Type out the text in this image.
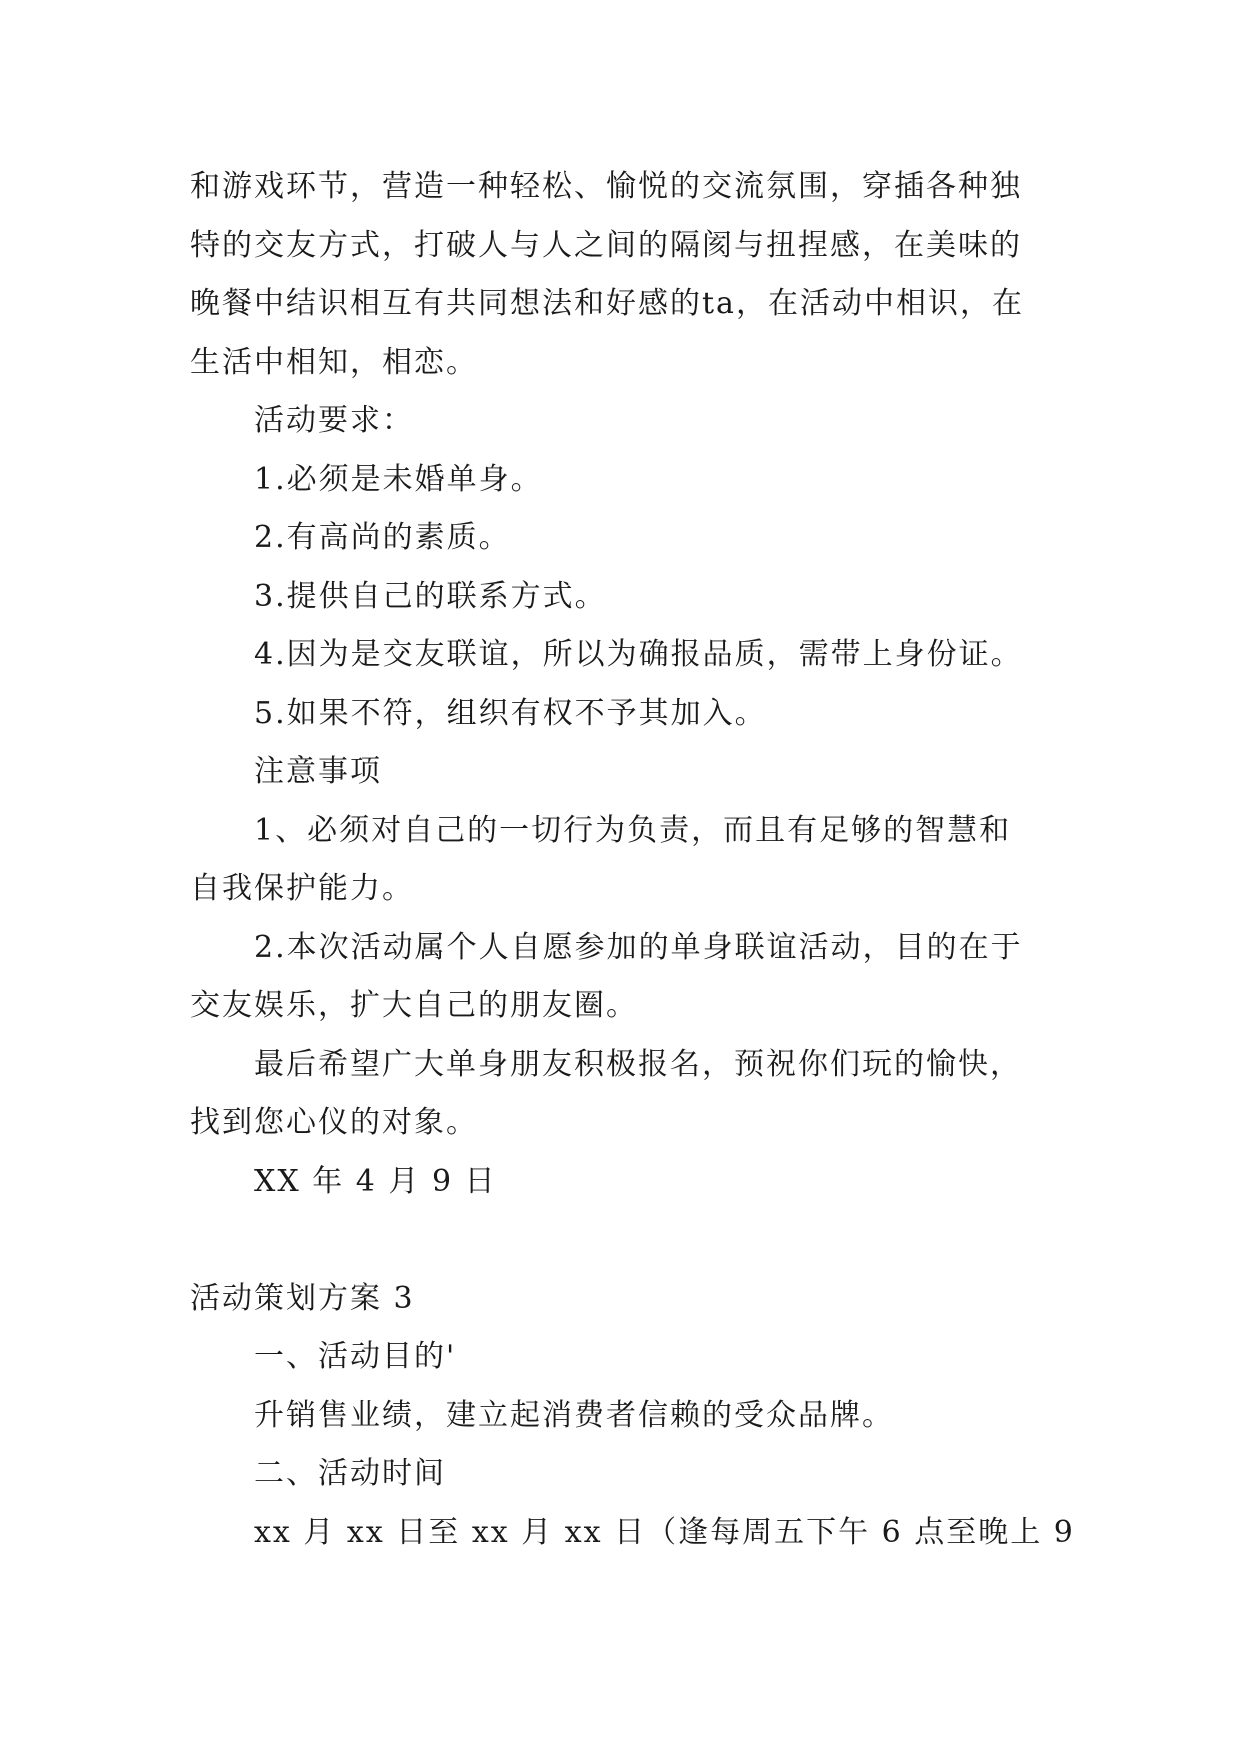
和游戏环节，营造一种轻松、愉悦的交流氛围，穿插各种独
特的交友方式，打破人与人之间的隔阂与扭捏感，在美味的
晚餐中结识相互有共同想法和好感的ta，在活动中相识，在
生活中相知，相恋。
活动要求：
1.必须是未婚单身。
2.有高尚的素质。
3.提供自己的联系方式。
4.因为是交友联谊，所以为确报品质，需带上身份证。
5.如果不符，组织有权不予其加入。
注意事项
1、必须对自己的一切行为负责，而且有足够的智慧和
自我保护能力。
2.本次活动属个人自愿参加的单身联谊活动，目的在于
交友娱乐，扩大自己的朋友圈。
最后希望广大单身朋友积极报名，预祝你们玩的愉快，
找到您心仪的对象。
XX 年 4 月 9 日
活动策划方案 3
一、活动目的'
升销售业绩，建立起消费者信赖的受众品牌。
二、活动时间
xx 月 xx 日至 xx 月 xx 日（逢每周五下午 6 点至晚上 9
